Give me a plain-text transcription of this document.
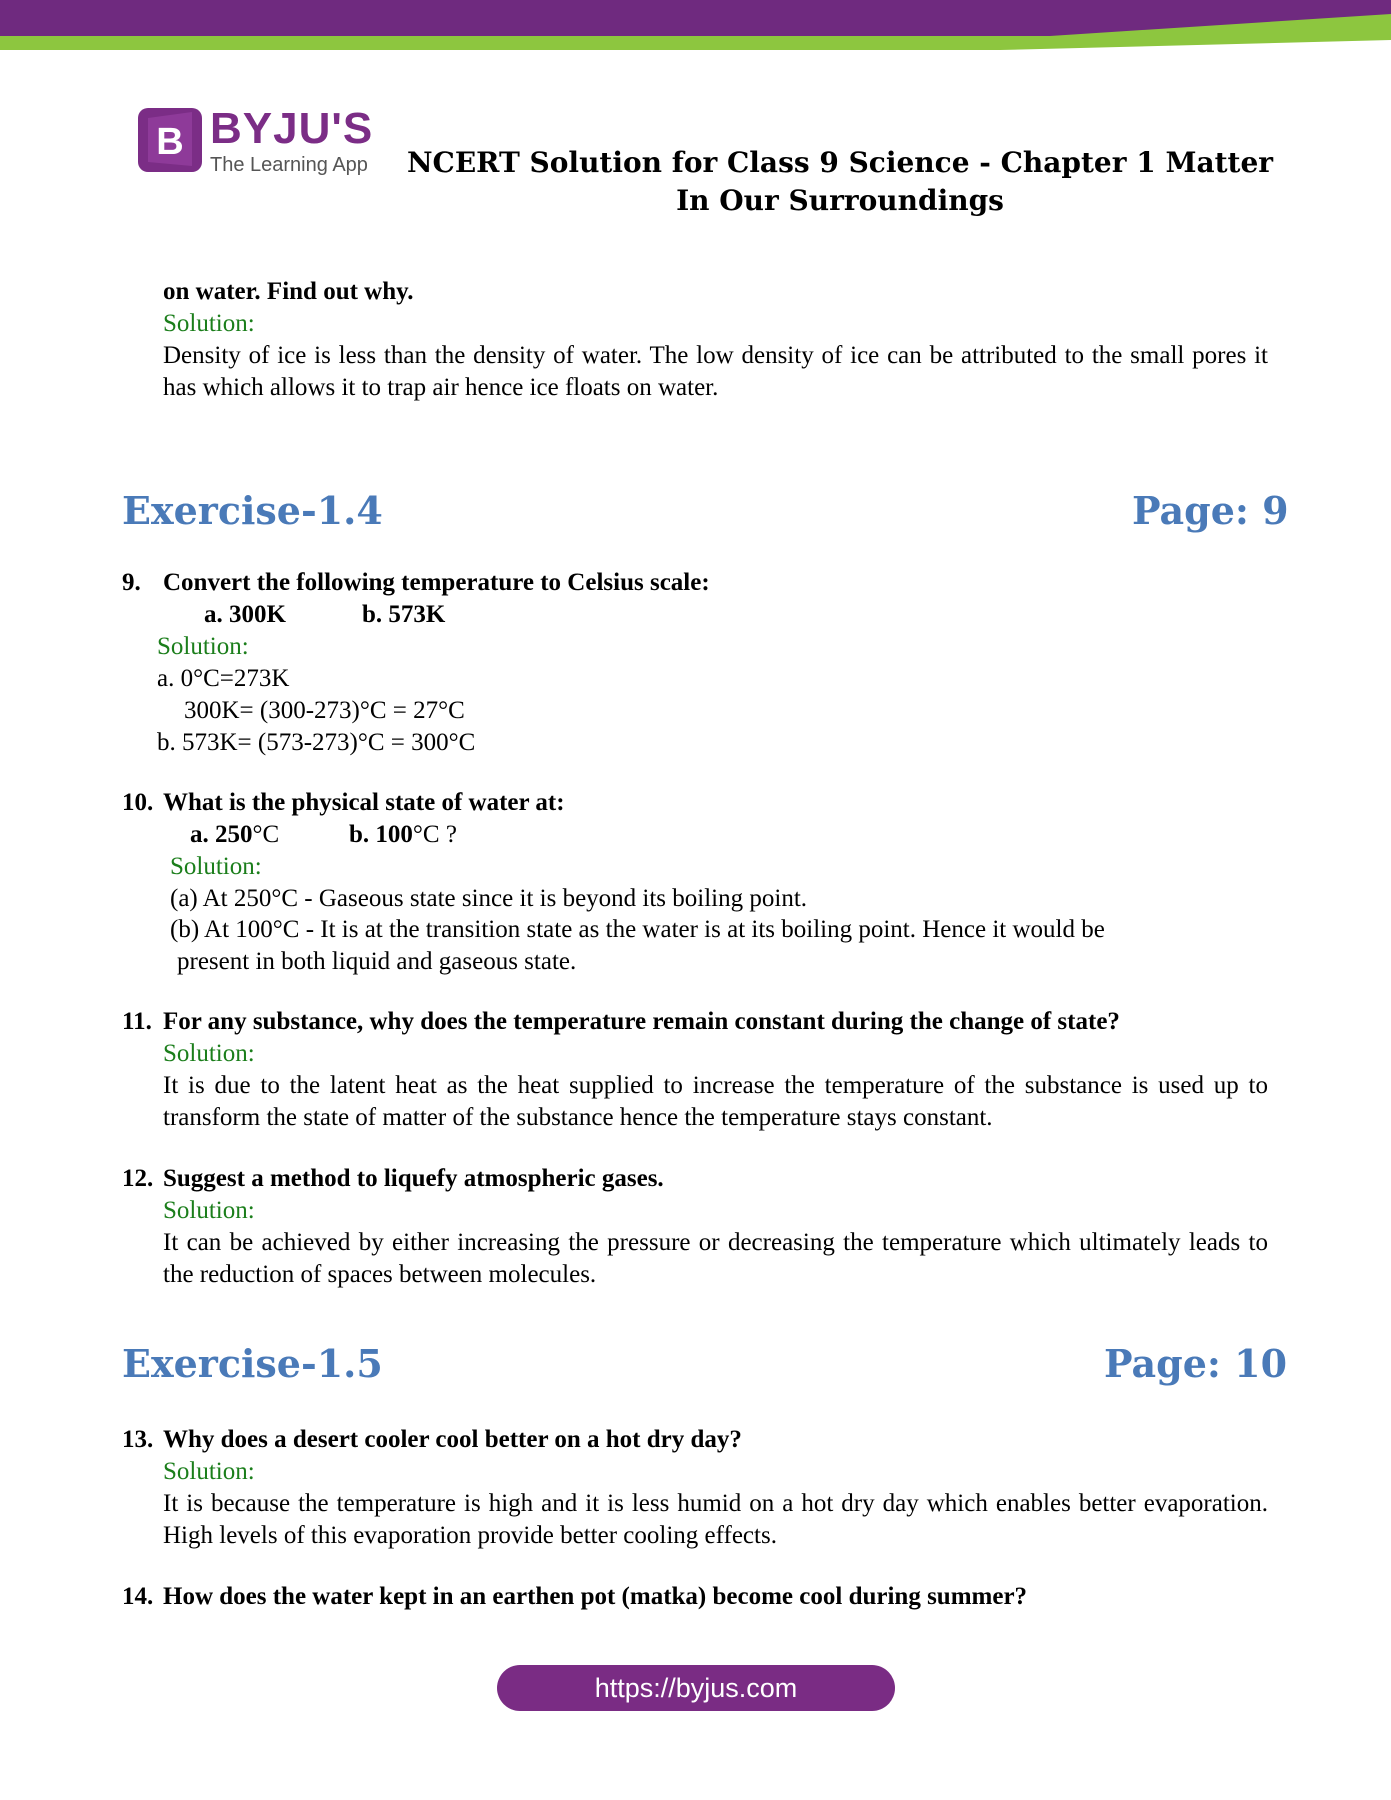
B BYJU'S
The Learning App NCERT Solution for Class 9 Science - Chapter 1 Matter In Our Surroundings
on water. Find out why.
Solution:
Density of ice is less than the density of water. The low density of ice can be attributed to the small pores it has which allows it to trap air hence ice floats on water.
Exercise-1.4	Page: 9
9. Convert the following temperature to Celsius scale:
a. 300K	b. 573K
Solution:
a. 0°C=273K
300K= (300-273)°C = 27°C
b. 573K= (573-273)°C = 300°C
10. What is the physical state of water at:
a. 250°C	b. 100°C ?
Solution:
(a) At 250°C - Gaseous state since it is beyond its boiling point.
(b) At 100°C - It is at the transition state as the water is at its boiling point. Hence it would be
present in both liquid and gaseous state.
11. For any substance, why does the temperature remain constant during the change of state?
Solution:
It is due to the latent heat as the heat supplied to increase the temperature of the substance is used up to transform the state of matter of the substance hence the temperature stays constant.
12. Suggest a method to liquefy atmospheric gases.
Solution:
It can be achieved by either increasing the pressure or decreasing the temperature which ultimately leads to the reduction of spaces between molecules.
Exercise-1.5	Page: 10
13. Why does a desert cooler cool better on a hot dry day?
Solution:
It is because the temperature is high and it is less humid on a hot dry day which enables better evaporation. High levels of this evaporation provide better cooling effects.
14. How does the water kept in an earthen pot (matka) become cool during summer?
https://byjus.com
